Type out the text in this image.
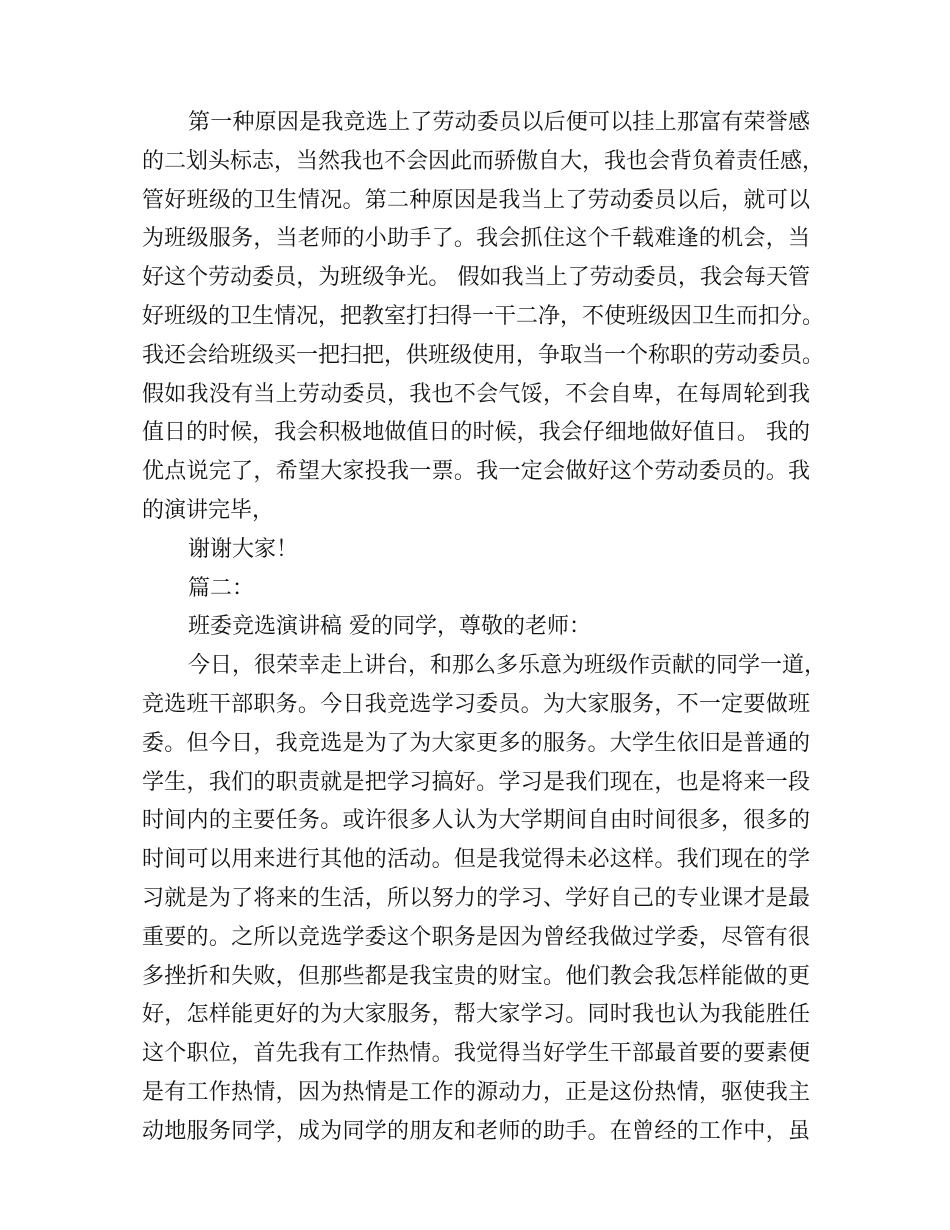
第一种原因是我竞选上了劳动委员以后便可以挂上那富有荣誉感
的二划头标志，当然我也不会因此而骄傲自大，我也会背负着责任感，
管好班级的卫生情况。第二种原因是我当上了劳动委员以后，就可以
为班级服务，当老师的小助手了。我会抓住这个千载难逢的机会，当
好这个劳动委员，为班级争光。 假如我当上了劳动委员，我会每天管
好班级的卫生情况，把教室打扫得一干二净，不使班级因卫生而扣分。
我还会给班级买一把扫把，供班级使用，争取当一个称职的劳动委员。
假如我没有当上劳动委员，我也不会气馁，不会自卑，在每周轮到我
值日的时候，我会积极地做值日的时候，我会仔细地做好值日。 我的
优点说完了，希望大家投我一票。我一定会做好这个劳动委员的。我
的演讲完毕，
谢谢大家！
篇二：
班委竞选演讲稿 爱的同学，尊敬的老师：
今日，很荣幸走上讲台，和那么多乐意为班级作贡献的同学一道，
竞选班干部职务。今日我竞选学习委员。为大家服务，不一定要做班
委。但今日，我竞选是为了为大家更多的服务。大学生依旧是普通的
学生，我们的职责就是把学习搞好。学习是我们现在，也是将来一段
时间内的主要任务。或许很多人认为大学期间自由时间很多，很多的
时间可以用来进行其他的活动。但是我觉得未必这样。我们现在的学
习就是为了将来的生活，所以努力的学习、学好自己的专业课才是最
重要的。之所以竞选学委这个职务是因为曾经我做过学委，尽管有很
多挫折和失败，但那些都是我宝贵的财宝。他们教会我怎样能做的更
好，怎样能更好的为大家服务，帮大家学习。同时我也认为我能胜任
这个职位，首先我有工作热情。我觉得当好学生干部最首要的要素便
是有工作热情，因为热情是工作的源动力，正是这份热情，驱使我主
动地服务同学，成为同学的朋友和老师的助手。在曾经的工作中，虽
